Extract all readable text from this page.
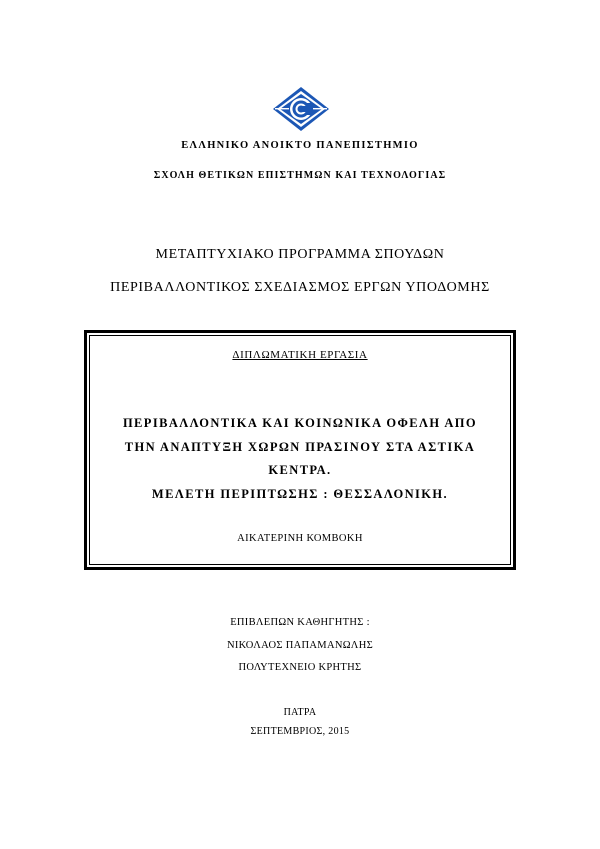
ΕΛΛΗΝΙΚΟ ΑΝΟΙΚΤΟ ΠΑΝΕΠΙΣΤΗΜΙΟ
ΣΧΟΛΗ ΘΕΤΙΚΩΝ ΕΠΙΣΤΗΜΩΝ ΚΑΙ ΤΕΧΝΟΛΟΓΙΑΣ
ΜΕΤΑΠΤΥΧΙΑΚΟ ΠΡΟΓΡΑΜΜΑ ΣΠΟΥΔΩΝ
ΠΕΡΙΒΑΛΛΟΝΤΙΚΟΣ ΣΧΕΔΙΑΣΜΟΣ ΕΡΓΩΝ ΥΠΟΔΟΜΗΣ
ΔΙΠΛΩΜΑΤΙΚΗ ΕΡΓΑΣΙΑ
ΠΕΡΙΒΑΛΛΟΝΤΙΚΑ ΚΑΙ ΚΟΙΝΩΝΙΚΑ ΟΦΕΛΗ ΑΠΟ
ΤΗΝ ΑΝΑΠΤΥΞΗ ΧΩΡΩΝ ΠΡΑΣΙΝΟΥ ΣΤΑ ΑΣΤΙΚΑ
ΚΕΝΤΡΑ.
ΜΕΛΕΤΗ ΠΕΡΙΠΤΩΣΗΣ : ΘΕΣΣΑΛΟΝΙΚΗ.
ΑΙΚΑΤΕΡΙΝΗ ΚΟΜΒΟΚΗ
ΕΠΙΒΛΕΠΩΝ ΚΑΘΗΓΗΤΗΣ :
ΝΙΚΟΛΑΟΣ ΠΑΠΑΜΑΝΩΛΗΣ
ΠΟΛΥΤΕΧΝΕΙΟ ΚΡΗΤΗΣ
ΠΑΤΡΑ
ΣΕΠΤΕΜΒΡΙΟΣ, 2015
